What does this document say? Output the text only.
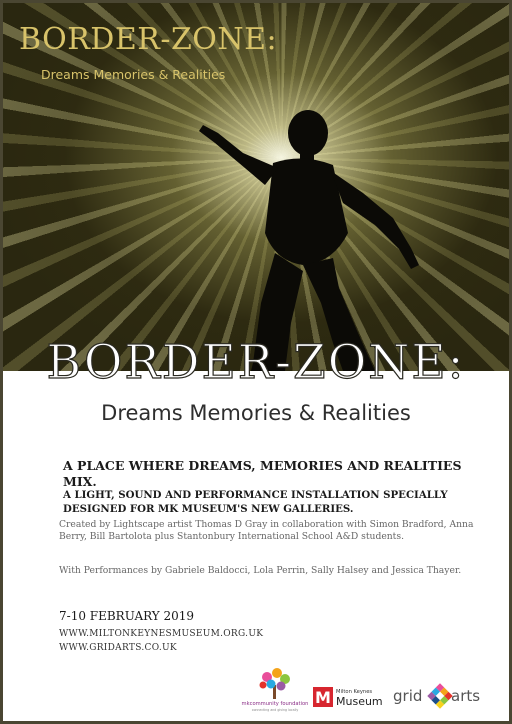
BORDER-ZONE:
Dreams Memories & Realities
BORDER-ZONE:
Dreams Memories & Realities
A PLACE WHERE DREAMS, MEMORIES AND REALITIES MIX.
A LIGHT, SOUND AND PERFORMANCE INSTALLATION SPECIALLY DESIGNED FOR MK MUSEUM'S NEW GALLERIES.
Created by Lightscape artist Thomas D Gray in collaboration with Simon Bradford, Anna Berry, Bill Bartolota plus Stantonbury International School A&D students.
With Performances by Gabriele Baldocci, Lola Perrin, Sally Halsey and Jessica Thayer.
7-10 FEBRUARY 2019
WWW.MILTONKEYNESMUSEUM.ORG.UK
WWW.GRIDARTS.CO.UK
mkcommunity foundation
connecting and giving locally
M Milton Keynes
Museum grid arts
